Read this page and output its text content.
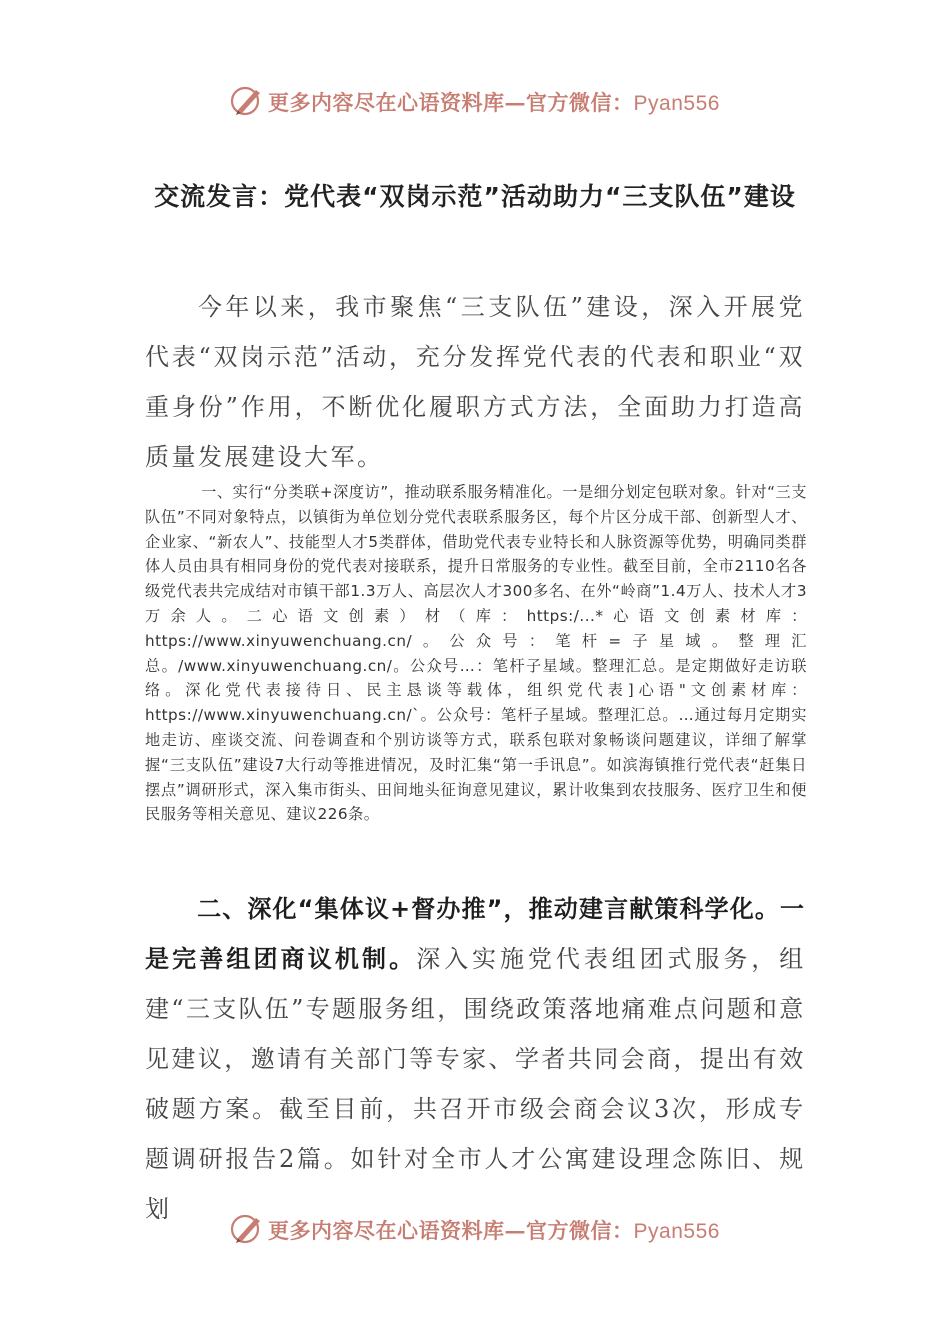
更多内容尽在心语资料库—官方微信：Pyan556
交流发言：党代表“双岗示范”活动助力“三支队伍”建设

今年以来，我市聚焦“三支队伍”建设，深入开展党代表“双岗示范”活动，充分发挥党代表的代表和职业“双重身份”作用，不断优化履职方式方法，全面助力打造高质量发展建设大军。

一、实行“分类联+深度访”，推动联系服务精准化。一是细分划定包联对象。针对“三支队伍”不同对象特点，以镇街为单位划分党代表联系服务区，每个片区分成干部、创新型人才、企业家、“新农人”、技能型人才5类群体，借助党代表专业特长和人脉资源等优势，明确同类群体人员由具有相同身份的党代表对接联系，提升日常服务的专业性。截至目前，全市2110名各级党代表共完成结对市镇干部1.3万人、高层次人才300多名、在外“岭商”1.4万人、技术人才3万余人。二心语文创素）材（库：https:/...*心语文创素材库：https://www.xinyuwenchuang.cn/。公众号：笔杆=子星域。整理汇总。/www.xinyuwenchuang.cn/。公众号…：笔杆子星域。整理汇总。是定期做好走访联络。深化党代表接待日、民主恳谈等载体，组织党代表]心语"文创素材库：https://www.xinyuwenchuang.cn/`。公众号：笔杆子星域。整理汇总。…通过每月定期实地走访、座谈交流、问卷调查和个别访谈等方式，联系包联对象畅谈问题建议，详细了解掌握“三支队伍”建设7大行动等推进情况，及时汇集“第一手讯息”。如滨海镇推行党代表“赶集日摆点”调研形式，深入集市街头、田间地头征询意见建议，累计收集到农技服务、医疗卫生和便民服务等相关意见、建议226条。

二、深化“集体议+督办推”，推动建言献策科学化。一是完善组团商议机制。深入实施党代表组团式服务，组建“三支队伍”专题服务组，围绕政策落地痛难点问题和意见建议，邀请有关部门等专家、学者共同会商，提出有效破题方案。截至目前，共召开市级会商会议3次，形成专题调研报告2篇。如针对全市人才公寓建设理念陈旧、规划

更多内容尽在心语资料库—官方微信：Pyan556
